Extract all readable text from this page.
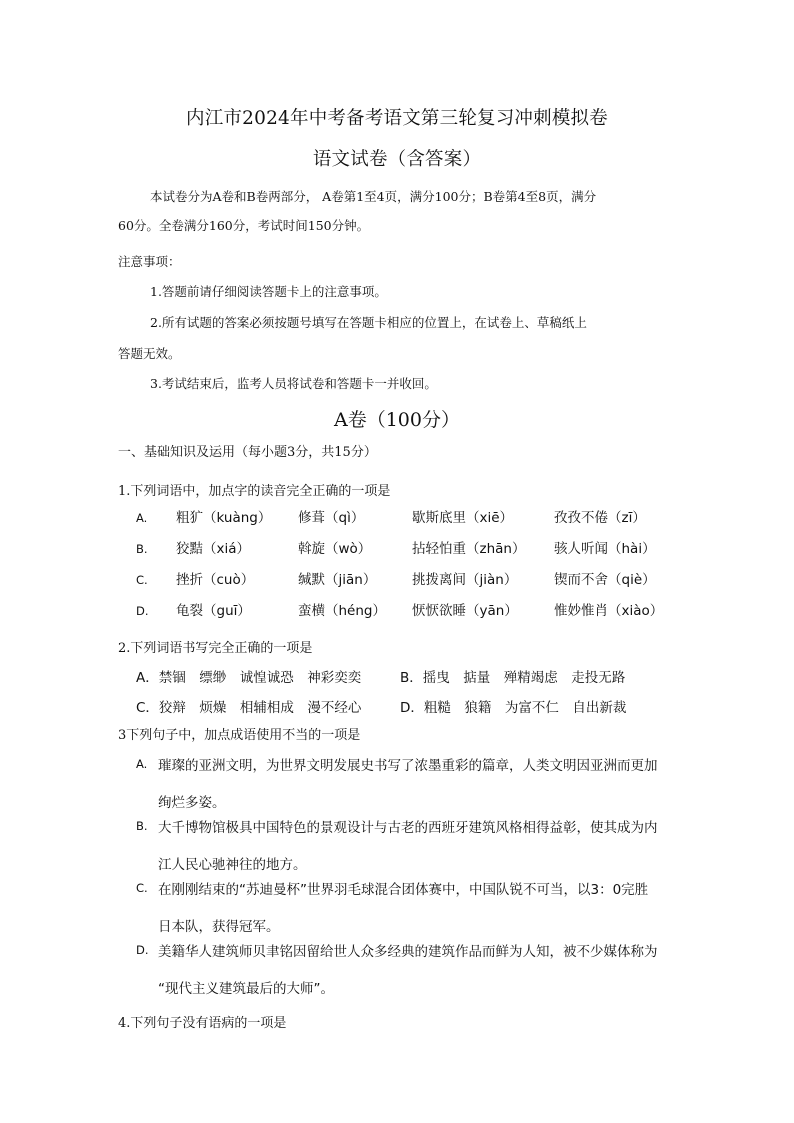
内江市2024年中考备考语文第三轮复习冲刺模拟卷
语文试卷（含答案）
本试卷分为A卷和B卷两部分， A卷第1至4页，满分100分；B卷第4至8页，满分
60分。全卷满分160分，考试时间150分钟。
注意事项：
1.答题前请仔细阅读答题卡上的注意事项。
2.所有试题的答案必须按题号填写在答题卡相应的位置上，在试卷上、草稿纸上
答题无效。
3.考试结束后，监考人员将试卷和答题卡一并收回。
A卷（100分）
一、基础知识及运用（每小题3分，共15分）
1.下列词语中，加点字的读音完全正确的一项是
A. 粗犷（kuàng） 修葺（qì）	歇斯底里（xiē）	孜孜不倦（zī）
B. 狡黠（xiá）	斡旋（wò）	拈轻怕重（zhān） 骇人听闻（hài）
C. 挫折（cuò）	缄默（jiān）	挑拨离间（jiàn）	锲而不舍（qiè）
D. 龟裂（guī）	蛮横（héng） 恹恹欲睡（yān）	惟妙惟肖（xiào）
2.下列词语书写完全正确的一项是
A．禁锢　缥缈　诚惶诚恐　神彩奕奕	B．摇曳　掂量　殚精竭虑　走投无路
C．狡辩　烦燥　相辅相成　漫不经心	D．粗糙　狼籍　为富不仁　自出新裁
3下列句子中，加点成语使用不当的一项是
A. 璀璨的亚洲文明，为世界文明发展史书写了浓墨重彩的篇章，人类文明因亚洲而更加
绚烂多姿。
B. 大千博物馆极具中国特色的景观设计与古老的西班牙建筑风格相得益彰，使其成为内
江人民心驰神往的地方。
C. 在刚刚结束的“苏迪曼杯”世界羽毛球混合团体赛中，中国队锐不可当，以3：0完胜
日本队，获得冠军。
D. 美籍华人建筑师贝聿铭因留给世人众多经典的建筑作品而鲜为人知，被不少媒体称为
“现代主义建筑最后的大师”。
4.下列句子没有语病的一项是
